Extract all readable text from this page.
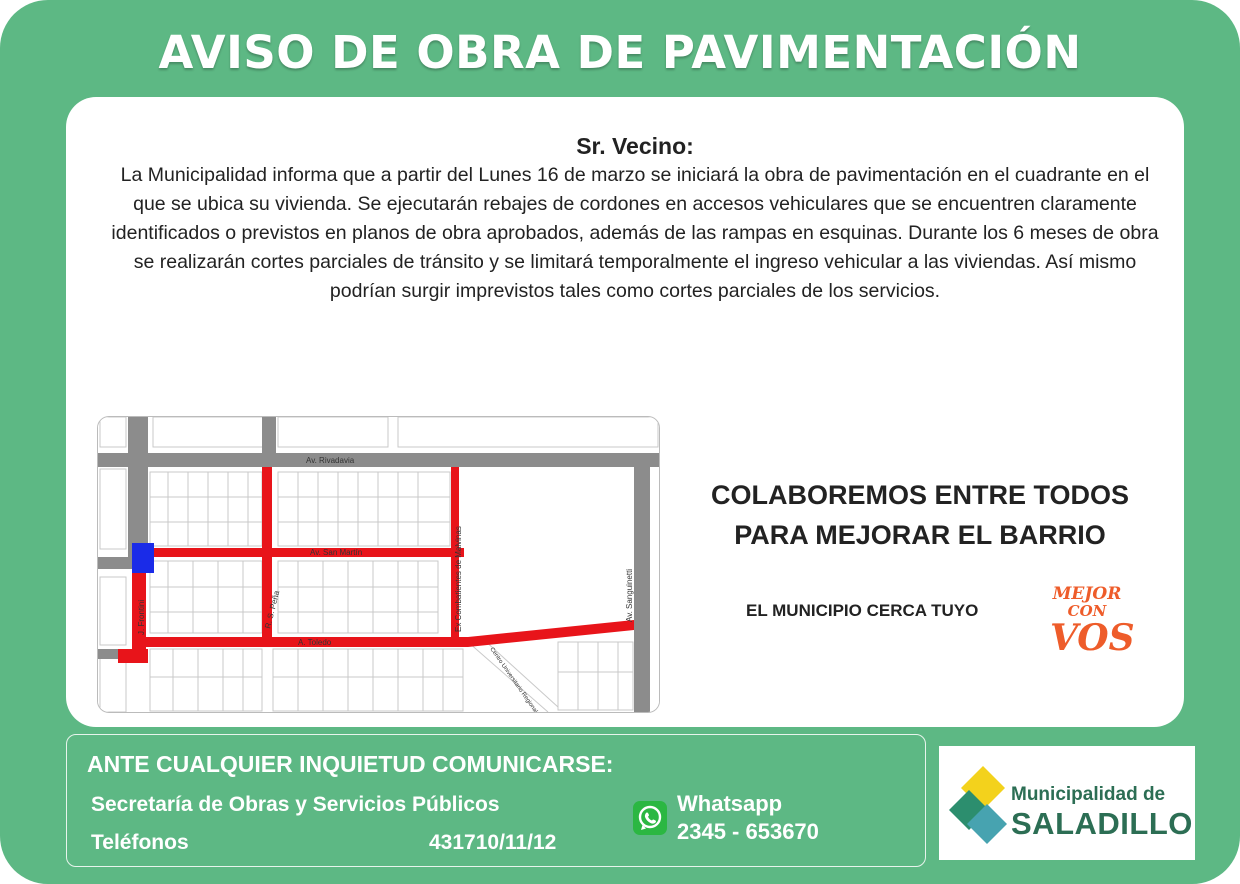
AVISO DE OBRA DE PAVIMENTACIÓN
Sr. Vecino:
La Municipalidad informa que a partir del Lunes 16 de marzo se iniciará la obra de pavimentación en el cuadrante en el que se ubica su vivienda. Se ejecutarán rebajes de cordones en accesos vehiculares que se encuentren claramente identificados o previstos en planos de obra aprobados, además de las rampas en esquinas. Durante los 6 meses de obra se realizarán cortes parciales de tránsito y se limitará temporalmente el ingreso vehicular a las viviendas. Así mismo podrían surgir imprevistos tales como cortes parciales de los servicios.
Av. Rivadavia
Av. San Martín
A. Toledo
Av. Sanguinetti
J. Frontini	R. S. Peña	Ex Combatientes de Malvinas
COLABOREMOS ENTRE TODOS
PARA MEJORAR EL BARRIO
EL MUNICIPIO CERCA TUYO
MEJOR
CON
VOS
ANTE CUALQUIER INQUIETUD COMUNICARSE:
Secretaría de Obras y Servicios Públicos
Teléfonos	431710/11/12
Whatsapp
2345 - 653670
Municipalidad de
SALADILLO
